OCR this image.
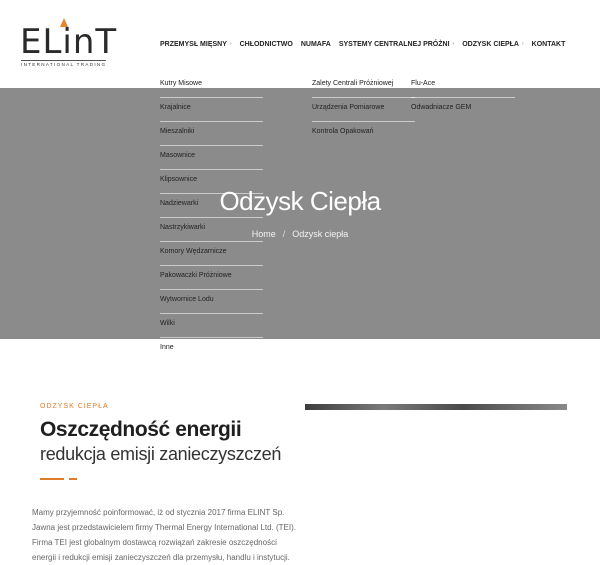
ELinT
INTERNATIONAL TRADING
PRZEMYSŁ MIĘSNY › CHŁODNICTWO NUMAFA SYSTEMY CENTRALNEJ PRÓŻNI › ODZYSK CIEPŁA › KONTAKT
Odzysk Ciepła
Home / Odzysk ciepła
Kutry Misowe
Krajalnice
Mieszalniki
Masownice
Klipsownice
Nadziewarki
Nastrzykiwarki
Komory Wędzarnicze
Pakowaczki Próżniowe
Wytwornice Lodu
Wilki
Inne
Zalety Centrali Próżniowej
Urządzenia Pomiarowe
Kontrola Opakowań
Flu-Ace
Odwadniacze GEM
ODZYSK CIEPŁA
Oszczędność energii
redukcja emisji zanieczyszczeń
Mamy przyjemność poinformować, iż od stycznia 2017 firma ELINT Sp. Jawna jest przedstawicielem firmy Thermal Energy International Ltd. (TEI). Firma TEI jest globalnym dostawcą rozwiązań zakresie oszczędności energii i redukcji emisji zanieczyszczeń dla przemysłu, handlu i instytucji.
